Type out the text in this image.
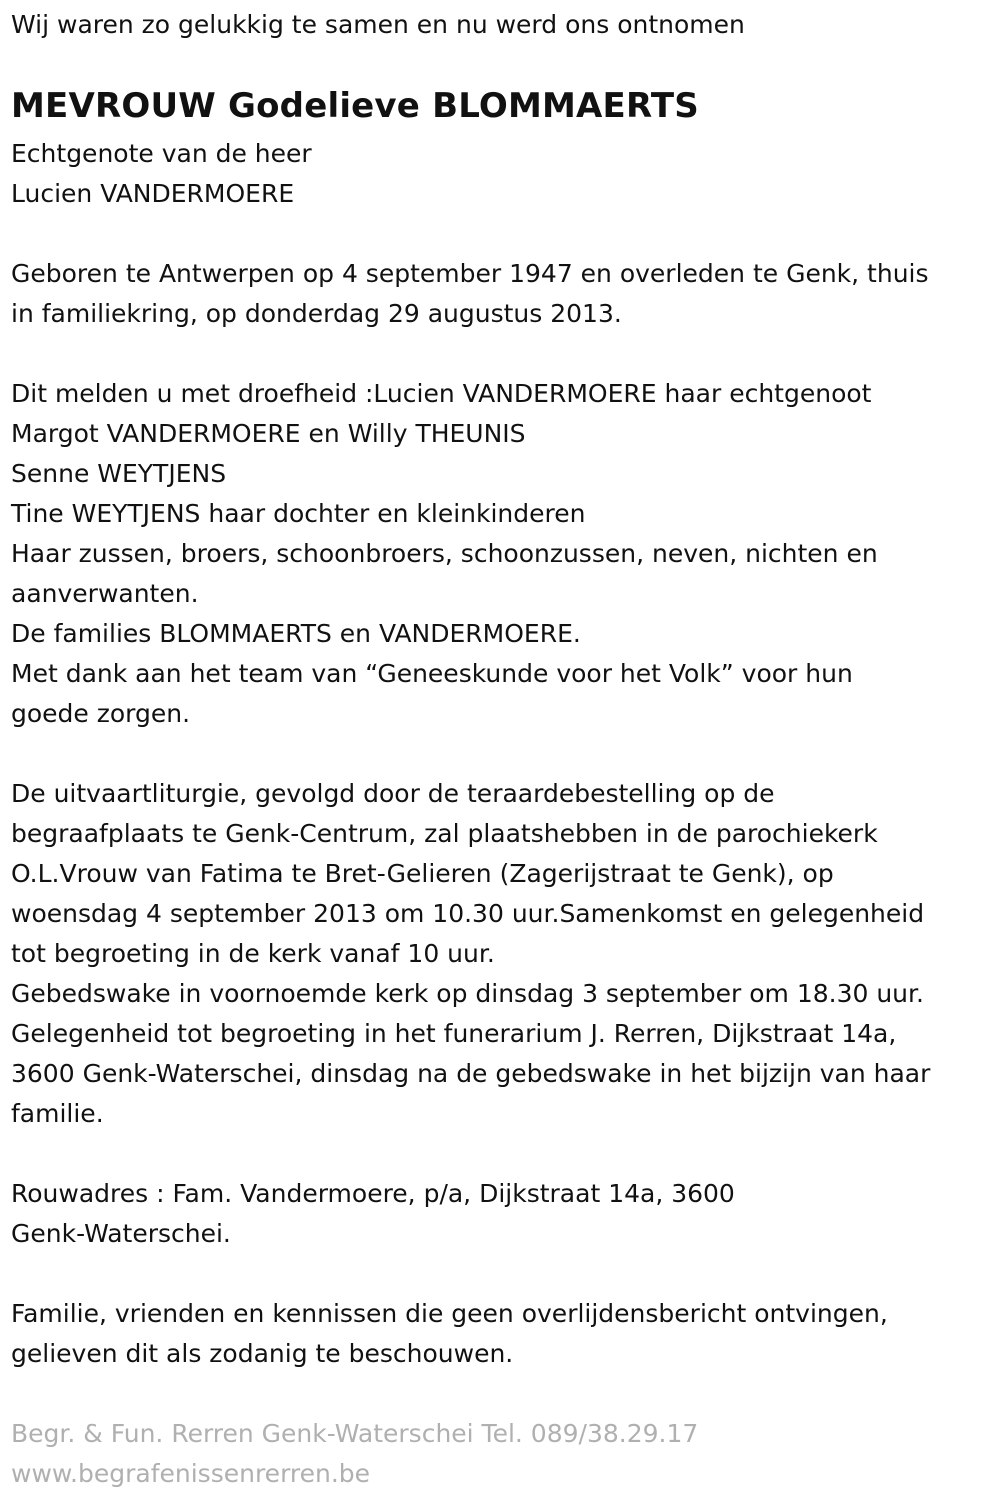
Wij waren zo gelukkig te samen en nu werd ons ontnomen
MEVROUW Godelieve BLOMMAERTS
Echtgenote van de heer
Lucien VANDERMOERE
Geboren te Antwerpen op 4 september 1947 en overleden te Genk, thuis
in familiekring, op donderdag 29 augustus 2013.
Dit melden u met droefheid :Lucien VANDERMOERE haar echtgenoot
Margot VANDERMOERE en Willy THEUNIS
Senne WEYTJENS
Tine WEYTJENS haar dochter en kleinkinderen
Haar zussen, broers, schoonbroers, schoonzussen, neven, nichten en
aanverwanten.
De families BLOMMAERTS en VANDERMOERE.
Met dank aan het team van “Geneeskunde voor het Volk” voor hun
goede zorgen.
De uitvaartliturgie, gevolgd door de teraardebestelling op de
begraafplaats te Genk-Centrum, zal plaatshebben in de parochiekerk
O.L.Vrouw van Fatima te Bret-Gelieren (Zagerijstraat te Genk), op
woensdag 4 september 2013 om 10.30 uur.Samenkomst en gelegenheid
tot begroeting in de kerk vanaf 10 uur.
Gebedswake in voornoemde kerk op dinsdag 3 september om 18.30 uur.
Gelegenheid tot begroeting in het funerarium J. Rerren, Dijkstraat 14a,
3600 Genk-Waterschei, dinsdag na de gebedswake in het bijzijn van haar
familie.
Rouwadres : Fam. Vandermoere, p/a, Dijkstraat 14a, 3600
Genk-Waterschei.
Familie, vrienden en kennissen die geen overlijdensbericht ontvingen,
gelieven dit als zodanig te beschouwen.
Begr. & Fun. Rerren Genk-Waterschei Tel. 089/38.29.17
www.begrafenissenrerren.be
